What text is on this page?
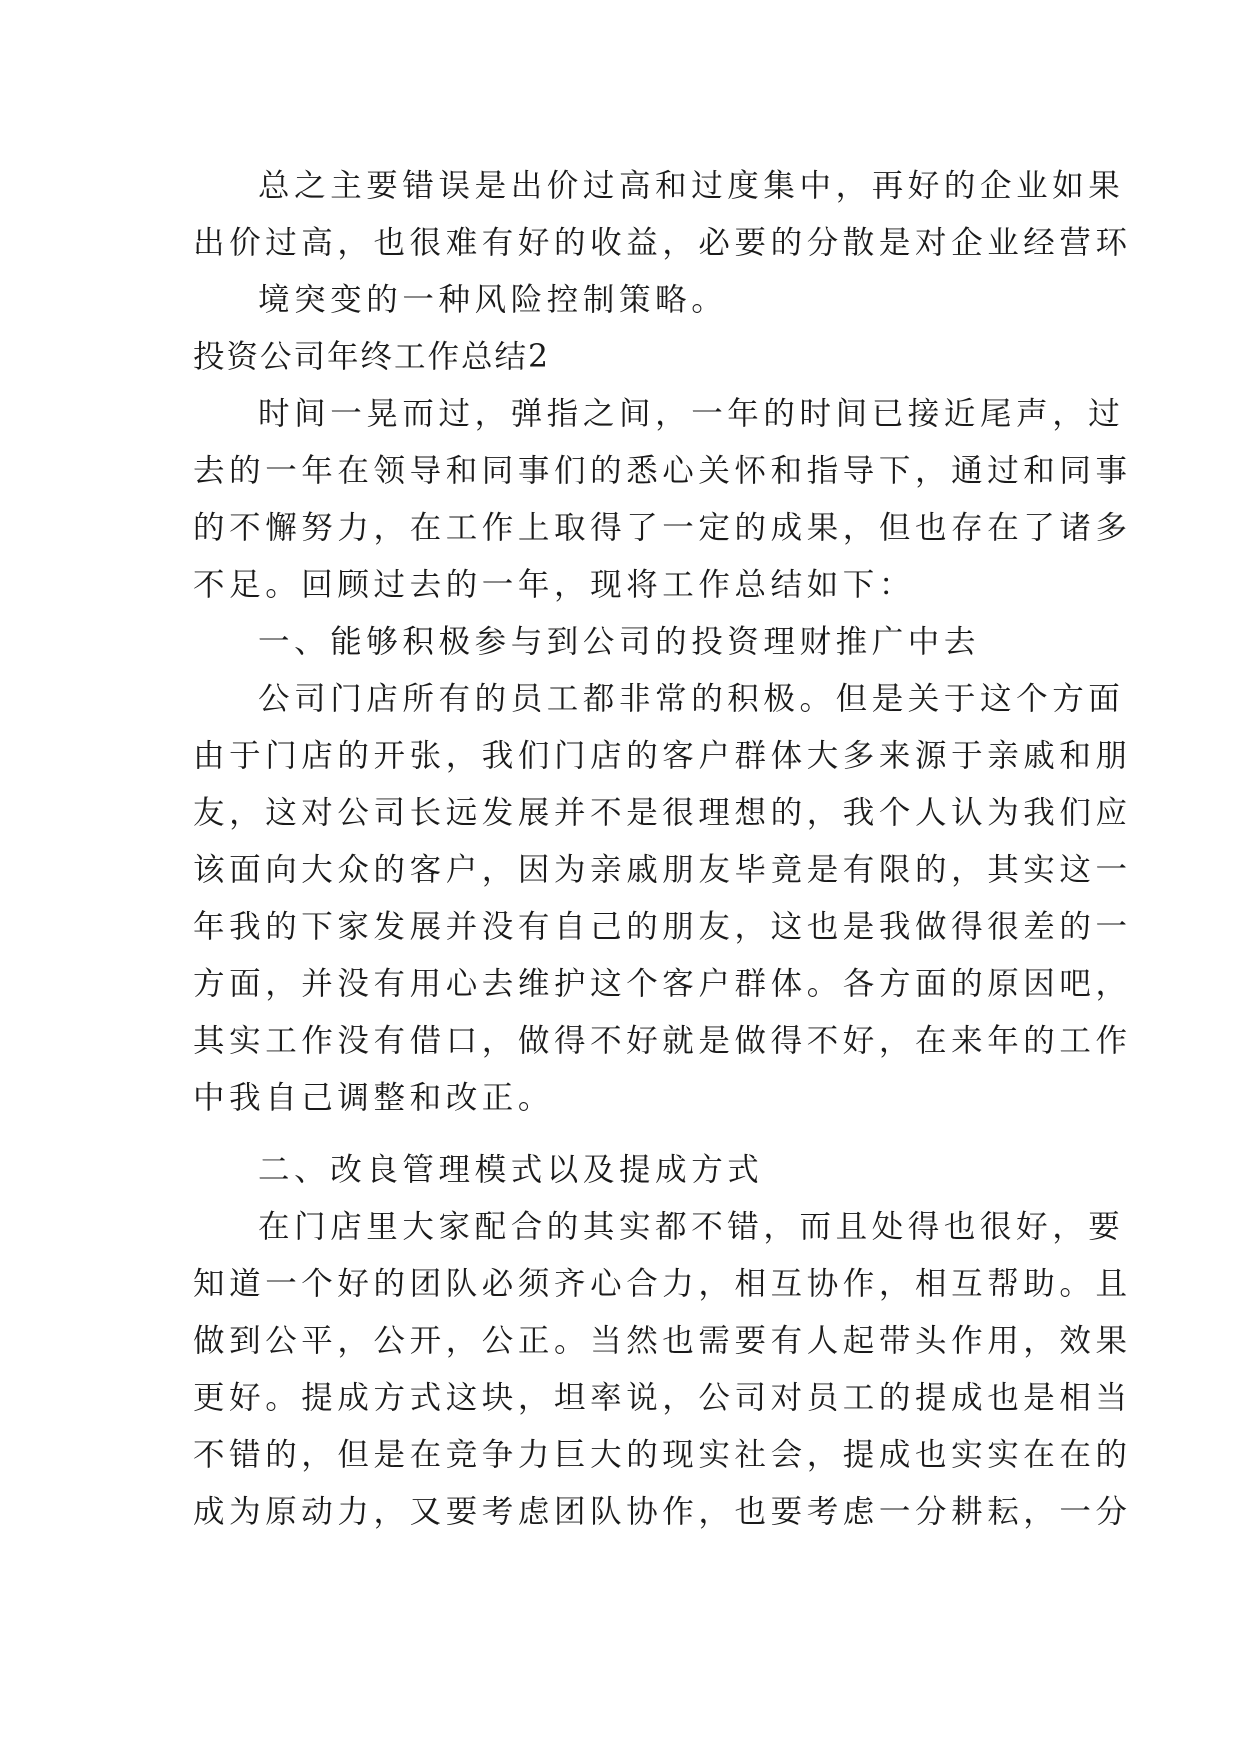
总之主要错误是出价过高和过度集中，再好的企业如果
出价过高，也很难有好的收益，必要的分散是对企业经营环
境突变的一种风险控制策略。
投资公司年终工作总结2
时间一晃而过，弹指之间，一年的时间已接近尾声，过
去的一年在领导和同事们的悉心关怀和指导下，通过和同事
的不懈努力，在工作上取得了一定的成果，但也存在了诸多
不足。回顾过去的一年，现将工作总结如下：
一、能够积极参与到公司的投资理财推广中去
公司门店所有的员工都非常的积极。但是关于这个方面
由于门店的开张，我们门店的客户群体大多来源于亲戚和朋
友，这对公司长远发展并不是很理想的，我个人认为我们应
该面向大众的客户，因为亲戚朋友毕竟是有限的，其实这一
年我的下家发展并没有自己的朋友，这也是我做得很差的一
方面，并没有用心去维护这个客户群体。各方面的原因吧，
其实工作没有借口，做得不好就是做得不好，在来年的工作
中我自己调整和改正。
二、改良管理模式以及提成方式
在门店里大家配合的其实都不错，而且处得也很好，要
知道一个好的团队必须齐心合力，相互协作，相互帮助。且
做到公平，公开，公正。当然也需要有人起带头作用，效果
更好。提成方式这块，坦率说，公司对员工的提成也是相当
不错的，但是在竞争力巨大的现实社会，提成也实实在在的
成为原动力，又要考虑团队协作，也要考虑一分耕耘，一分
